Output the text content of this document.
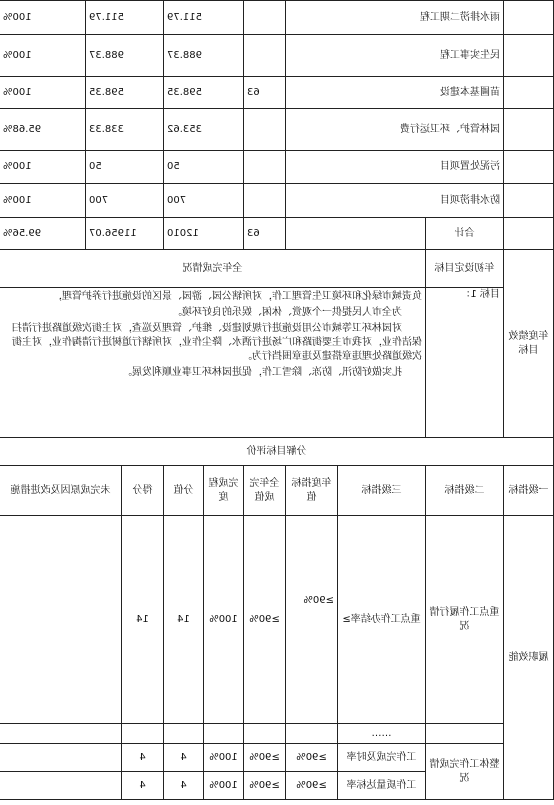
	雨水排涝二期工程				511.79		511.79		100%
	民生实事工程				988.37		988.37		100%
	苗圃基本建设			63	598.35		598.35		100%
	园林管护、环卫运行费				353.62		338.33		95.68%
	污泥处置项目				50		50		100%
	防水排涝项目				700		700		100%
	合计			63	12010		11956.07		99.56%
年度绩效目标	年初设定目标	全年完成情况							
	目标 1：	负责城市绿化和环境卫生管理工作，对所辖公园、游园、景区的设施进行养护管理，

为全市人民提供一个观赏、休闲、娱乐的良好环境。

对园林环卫等城市公用设施进行规划建设、维护、管理及巡查，对主街次级道路进行清扫保洁作业，对我市主要街路和广场进行洒水、降尘作业，对所辖行道树进行清掏作业，对主街次级道路处理违章搭建及违章围挡行为。

扎实做好防汛、防冻、除雪工作，促进园林环卫事业顺利发展。							

分解目标评价									
一级指标	二级指标	三级指标	年度指标值	全年完成值	完成程度	分值	得分	未完成原因及改进措施	
履职效能	重点工作履行情况	重点工作办结率≥	≥90%	≥90%	100%	14	14		
		……							
	整体工作完成情况	工作完成及时率	≥90%	≥90%	100%	4	4		
		工作质量达标率	≥90%	≥90%	100%	4	4		
